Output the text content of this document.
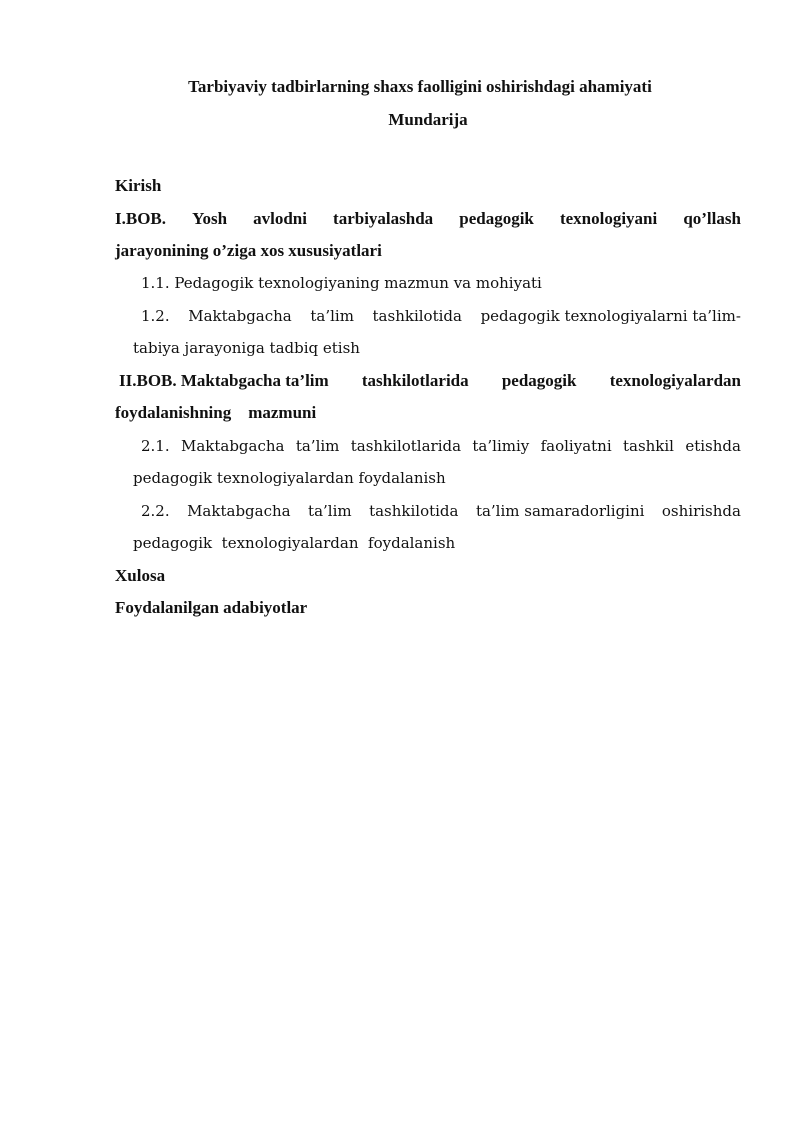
Tarbiyaviy tadbirlarning shaxs faolligini oshirishdagi ahamiyati
Mundarija

Kirish

I.BOB. Yosh avlodni tarbiyalashda pedagogik texnologiyani qo’llash

jarayonining o’ziga xos xususiyatlari

1.1. Pedagogik texnologiyaning mazmun va mohiyati

1.2. Maktabgacha ta’lim tashkilotida pedagogik texnologiyalarni ta’lim-

tabiya jarayoniga tadbiq etish

II.BOB. Maktabgacha ta’lim tashkilotlarida pedagogik texnologiyalardan

foydalanishning    mazmuni

2.1. Maktabgacha ta’lim tashkilotlarida ta’limiy faoliyatni tashkil etishda

pedagogik texnologiyalardan foydalanish

2.2. Maktabgacha ta’lim tashkilotida ta’lim samaradorligini oshirishda

pedagogik  texnologiyalardan  foydalanish

Xulosa

Foydalanilgan adabiyotlar
